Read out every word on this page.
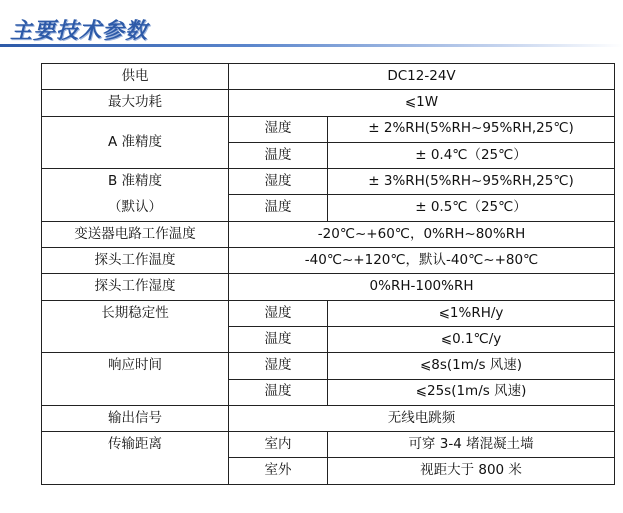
主要技术参数
供电	DC12-24V	
最大功耗	⩽1W	
A 准精度	湿度	± 2%RH(5%RH~95%RH,25℃)
	温度	± 0.4℃（25℃）
B 准精度	湿度	± 3%RH(5%RH~95%RH,25℃)
（默认）	温度	± 0.5℃（25℃）
变送器电路工作温度	-20℃~+60℃，0%RH~80%RH	
探头工作温度	-40℃~+120℃，默认-40℃~+80℃	
探头工作湿度	0%RH-100%RH	
长期稳定性	湿度	⩽1%RH/y
	温度	⩽0.1℃/y
响应时间	湿度	⩽8s(1m/s 风速)
	温度	⩽25s(1m/s 风速)
输出信号	无线电跳频	
传输距离	室内	可穿 3-4 堵混凝土墙
	室外	视距大于 800 米
